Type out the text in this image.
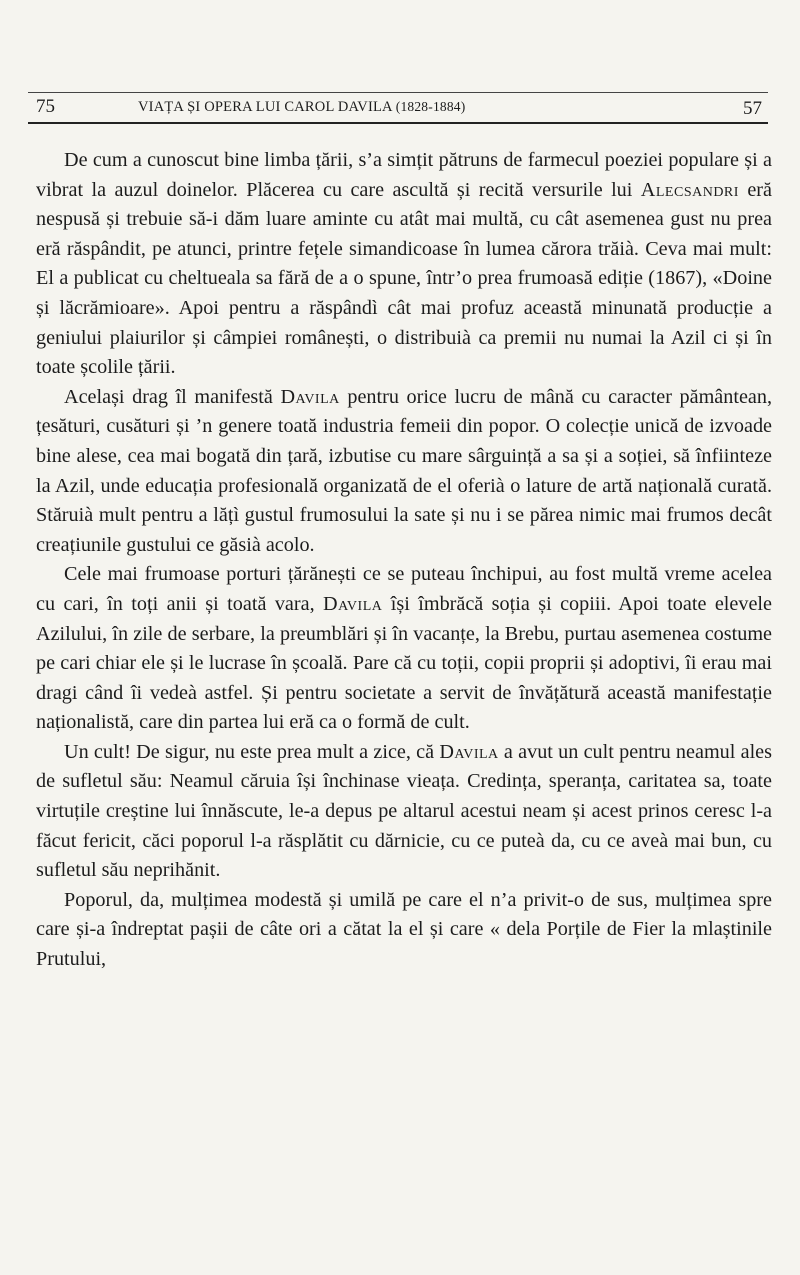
75	VIAȚA ȘI OPERA LUI CAROL DAVILA (1828-1884)	57

De cum a cunoscut bine limba țării, s’a simțit pătruns de farmecul poeziei populare și a vibrat la auzul doinelor. Plăcerea cu care ascultă și recită versurile lui Alecsandri eră nespusă și trebuie să-i dăm luare aminte cu atât mai multă, cu cât asemenea gust nu prea eră răspândit, pe atunci, printre fețele simandicoase în lumea cărora trăià. Ceva mai mult: El a publicat cu cheltueala sa fără de a o spune, într’o prea frumoasă ediție (1867), «Doine și lăcrămioare». Apoi pentru a răspândì cât mai profuz această minunată producție a geniului plaiurilor și câmpiei românești, o distribuià ca premii nu numai la Azil ci și în toate școlile țării.

Același drag îl manifestă Davila pentru orice lucru de mână cu caracter pământean, țesături, cusături și ’n genere toată industria femeii din popor. O colecție unică de izvoade bine alese, cea mai bogată din țară, izbutise cu mare sârguință a sa și a soției, să înfiinteze la Azil, unde educația profesională organizată de el oferià o lature de artă națională curată. Stăruià mult pentru a lățì gustul frumosului la sate și nu i se părea nimic mai frumos decât creațiunile gustului ce găsià acolo.

Cele mai frumoase porturi țărănești ce se puteau închipui, au fost multă vreme acelea cu cari, în toți anii și toată vara, Davila își îmbrăcă soția și copiii. Apoi toate elevele Azilului, în zile de serbare, la preumblări și în vacanțe, la Brebu, purtau asemenea costume pe cari chiar ele și le lucrase în școală. Pare că cu toții, copii proprii și adoptivi, îi erau mai dragi când îi vedeà astfel. Și pentru societate a servit de învățătură această manifestație naționalistă, care din partea lui eră ca o formă de cult.

Un cult! De sigur, nu este prea mult a zice, că Davila a avut un cult pentru neamul ales de sufletul său: Neamul căruia își închinase vieața. Credința, speranța, caritatea sa, toate virtuțile creștine lui înnăscute, le-a depus pe altarul acestui neam și acest prinos ceresc l-a făcut fericit, căci poporul l-a răsplătit cu dărnicie, cu ce puteà da, cu ce aveà mai bun, cu sufletul său neprihănit.

Poporul, da, mulțimea modestă și umilă pe care el n’a privit-o de sus, mulțimea spre care și-a îndreptat pașii de câte ori a cătat la el și care « dela Porțile de Fier la mlaștinile Prutului,
